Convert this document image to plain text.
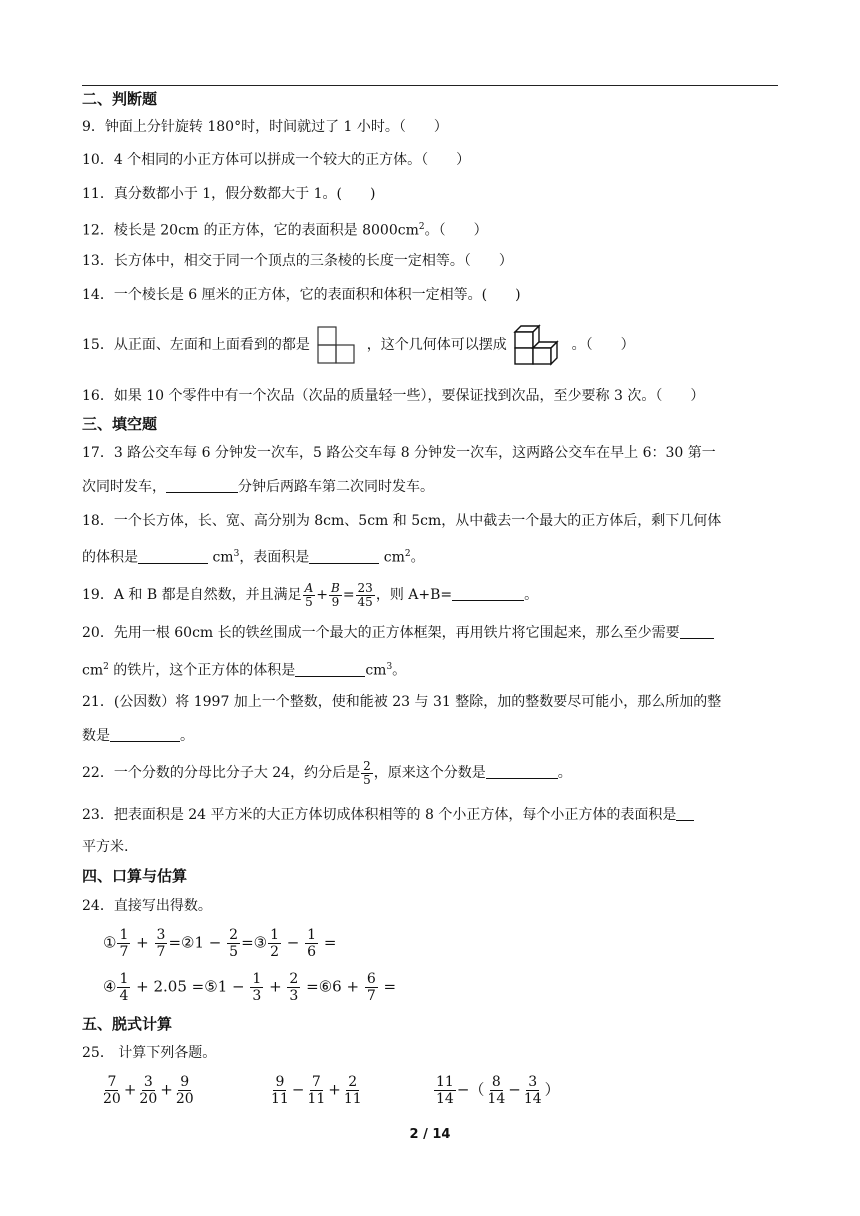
二、判断题
9．钟面上分针旋转 180°时，时间就过了 1 小时。（　　）
10．4 个相同的小正方体可以拼成一个较大的正方体。（　　）
11．真分数都小于 1，假分数都大于 1。(　　)
12．棱长是 20cm 的正方体，它的表面积是 $8000cm^2$。（　　）
13．长方体中，相交于同一个顶点的三条棱的长度一定相等。（　　）
14．一个棱长是 6 厘米的正方体，它的表面积和体积一定相等。(　　)
15．从正面、左面和上面看到的都是	，这个几何体可以摆成	。（　　）
16．如果 10 个零件中有一个次品（次品的质量轻一些），要保证找到次品，至少要称 3 次。（　　）
三、填空题
17．3 路公交车每 6 分钟发一次车，5 路公交车每 8 分钟发一次车，这两路公交车在早上 6：30 第一
次同时发车，	分钟后两路车第二次同时发车。
18．一个长方体，长、宽、高分别为 8cm、5cm 和 5cm，从中截去一个最大的正方体后，剩下几何体
的体积是	$cm^3$，表面积是	$cm^2$。
19．A 和 B 都是自然数，并且满足 $\frac{A}{5} + \frac{B}{9} = \frac{23}{45}$ ，则 A+B=	。
20．先用一根 60cm 长的铁丝围成一个最大的正方体框架，再用铁片将它围起来，那么至少需要
$cm^2$ 的铁片，这个正方体的体积是	$cm^3$。
21．(公因数）将 1997 加上一个整数，使和能被 23 与 31 整除，加的整数要尽可能小，那么所加的整
数是	。
22．一个分数的分母比分子大 24，约分后是 $\frac{2}{5}$ ，原来这个分数是	。
23．把表面积是 24 平方米的大正方体切成体积相等的 8 个小正方体，每个小正方体的表面积是
平方米.
四、口算与估算
24．直接写出得数。
① $\frac{1}{7} + \frac{3}{7}$ =②1 − $\frac{2}{5}$ =③ $\frac{1}{2} - \frac{1}{6}$ =
④ $\frac{1}{4} + 2.05$ =⑤1 − $\frac{1}{3} + \frac{2}{3}$ =⑥6 + $\frac{6}{7}$ =
五、脱式计算
25． 计算下列各题。
$\frac{7}{20} + \frac{3}{20} + \frac{9}{20}$	$\frac{9}{11} - \frac{7}{11} + \frac{2}{11}$	$\frac{11}{14}$ −（ $\frac{8}{14} - \frac{3}{14}$ ）
2 / 14
